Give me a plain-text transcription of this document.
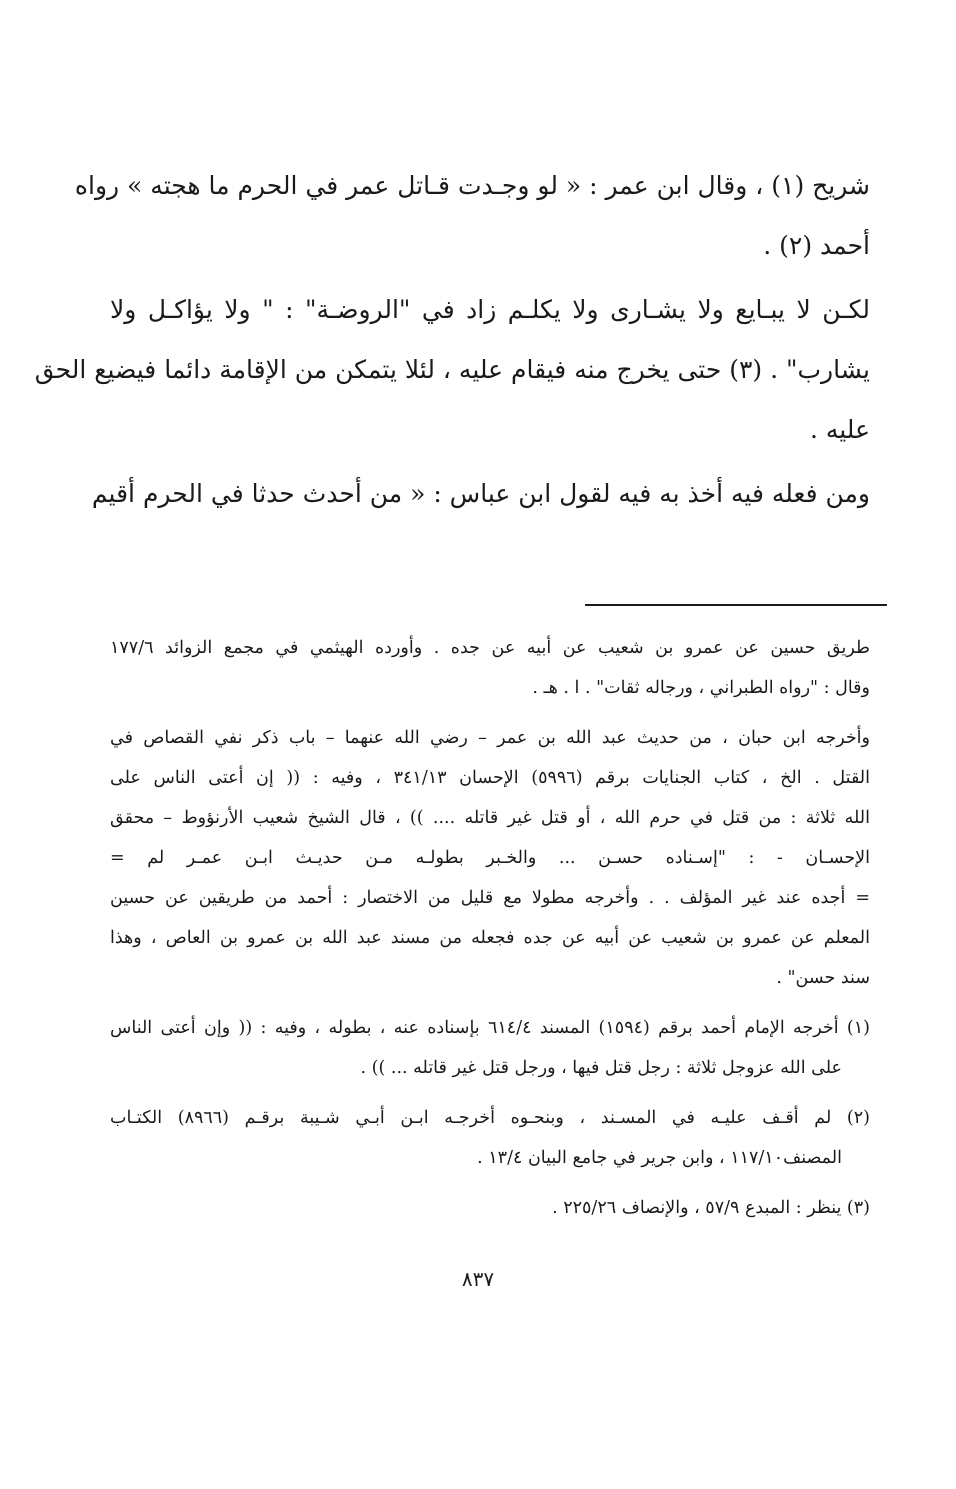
شريح (١) ، وقال ابن عمر : « لو وجـدت قـاتل عمر في الحرم ما هجته » رواه
أحمد (٢) .
لكـن لا يبـايع ولا يشـارى ولا يكلـم زاد في "الروضـة" : " ولا يؤاكـل ولا
يشارب" . (٣) حتى يخرج منه فيقام عليه ، لئلا يتمكن من الإقامة دائما فيضيع الحق
عليه .
ومن فعله فيه أخذ به فيه لقول ابن عباس : « من أحدث حدثا في الحرم أقيم
طريق حسين عن عمرو بن شعيب عن أبيه عن جده . وأورده الهيثمي في مجمع الزوائد ١٧٧/٦
وقال : "رواه الطبراني ، ورجاله ثقات" . ا . هـ .
وأخرجه ابن حبان ، من حديث عبد الله بن عمر – رضي الله عنهما – باب ذكر نفي القصاص في
القتل . الخ ، كتاب الجنايات برقم (٥٩٩٦) الإحسان ٣٤١/١٣ ، وفيه : (( إن أعتى الناس على
الله ثلاثة : من قتل في حرم الله ، أو قتل غير قاتله .... )) ، قال الشيخ شعيب الأرنؤوط – محقق
الإحسـان - : "إسـناده حسـن ... والخـبر بطولـه مـن حديـث ابـن عمـر لم =
= أجده عند غير المؤلف . . وأخرجه مطولا مع قليل من الاختصار : أحمد من طريقين عن حسين
المعلم عن عمرو بن شعيب عن أبيه عن جده فجعله من مسند عبد الله بن عمرو بن العاص ، وهذا
سند حسن" .
(١) أخرجه الإمام أحمد برقم (١٥٩٤) المسند ٦١٤/٤ بإسناده عنه ، بطوله ، وفيه : (( وإن أعتى الناس
على الله عزوجل ثلاثة : رجل قتل فيها ، ورجل قتل غير قاتله ... )) .
(٢) لم أقـف عليـه في المسـند ، وبنحـوه أخرجـه ابـن أبـي شـيبة برقـم (٨٩٦٦) الكتـاب
المصنف١١٧/١٠ ، وابن جرير في جامع البيان ١٣/٤ .
(٣) ينظر : المبدع ٥٧/٩ ، والإنصاف ٢٢٥/٢٦ .
٨٣٧
